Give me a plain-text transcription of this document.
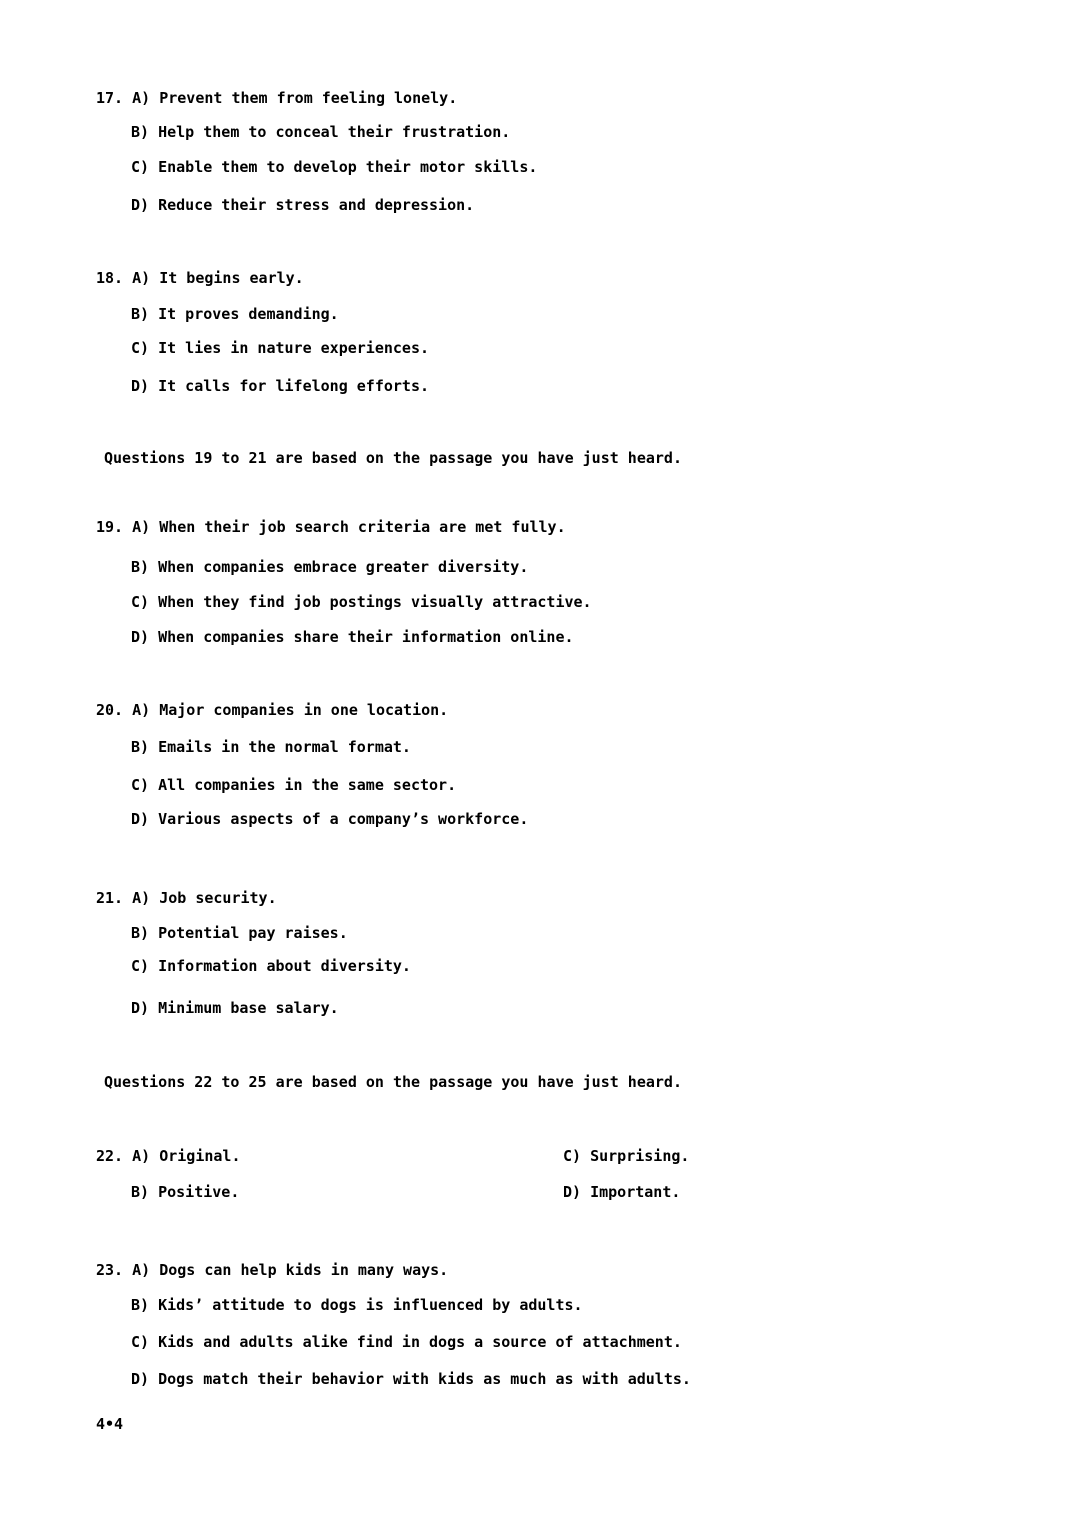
17. A) Prevent them from feeling lonely.
B) Help them to conceal their frustration.
C) Enable them to develop their motor skills.
D) Reduce their stress and depression.
18. A) It begins early.
B) It proves demanding.
C) It lies in nature experiences.
D) It calls for lifelong efforts.
Questions 19 to 21 are based on the passage you have just heard.
19. A) When their job search criteria are met fully.
B) When companies embrace greater diversity.
C) When they find job postings visually attractive.
D) When companies share their information online.
20. A) Major companies in one location.
B) Emails in the normal format.
C) All companies in the same sector.
D) Various aspects of a company’s workforce.
21. A) Job security.
B) Potential pay raises.
C) Information about diversity.
D) Minimum base salary.
Questions 22 to 25 are based on the passage you have just heard.
22. A) Original.	C) Surprising.
B) Positive.	D) Important.
23. A) Dogs can help kids in many ways.
B) Kids’ attitude to dogs is influenced by adults.
C) Kids and adults alike find in dogs a source of attachment.
D) Dogs match their behavior with kids as much as with adults.
4•4
